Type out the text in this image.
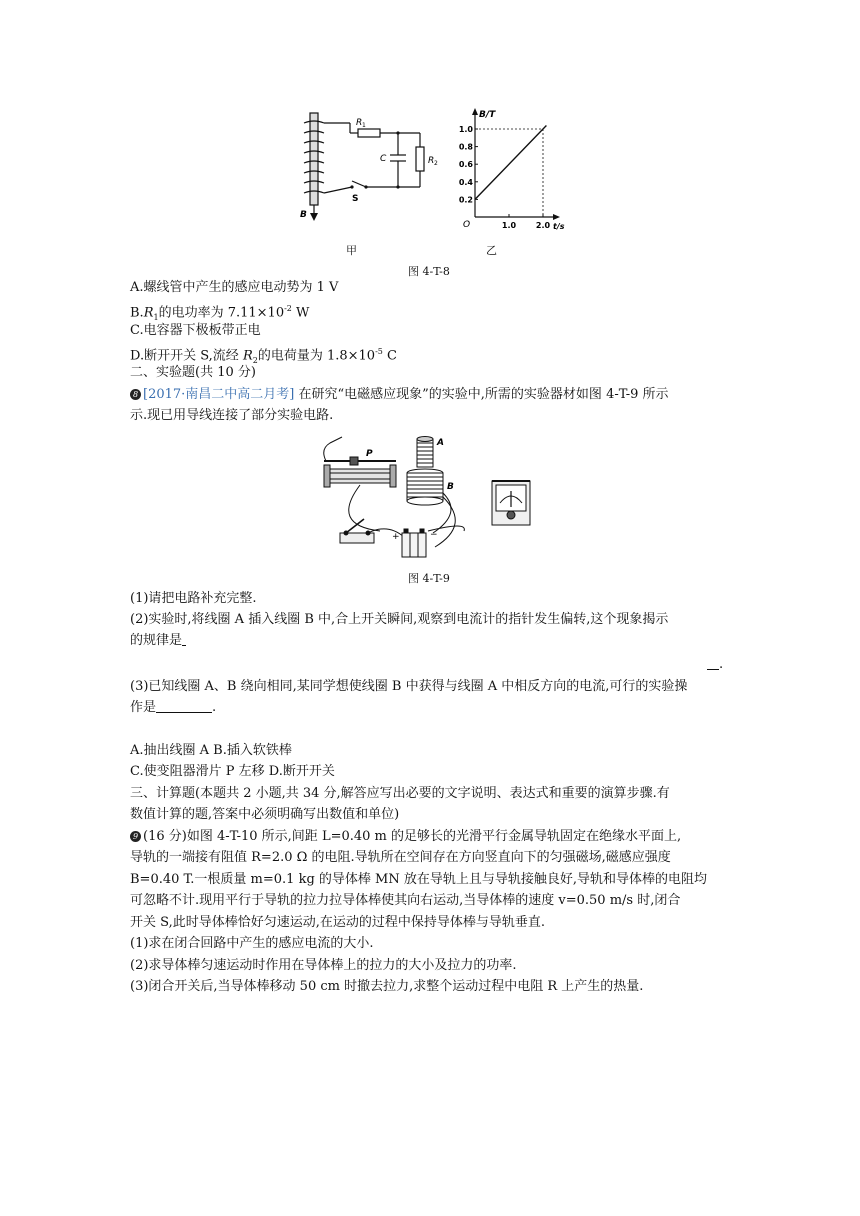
R 1
C	R 2
S
B
1.0
0.8
0.6
0.4
0.2
1.0 2.0
B/T
t/s
O
甲	乙
图 4-T-8
A.螺线管中产生的感应电动势为 1 V
$B.R_1$的电功率为 $7.11\times 10^{-2}$ W
C.电容器下极板带正电
D.断开开关 S,流经 $R_2$的电荷量为 $1.8\times 10^{-5}$ C
二、实验题(共 10 分)
8 [2017·南昌二中高二月考] 在研究“电磁感应现象”的实验中,所需的实验器材如图 4-T-9 所示
示.现已用导线连接了部分实验电路.
A
B
P
+	−
图 4-T-9
(1)请把电路补充完整.
(2)实验时,将线圈 A 插入线圈 B 中,合上开关瞬间,观察到电流计的指针发生偏转,这个现象揭示
的规律是
.
(3)已知线圈 A、B 绕向相同,某同学想使线圈 B 中获得与线圈 A 中相反方向的电流,可行的实验操
作是	.
A.抽出线圈 A B.插入软铁棒
C.使变阻器滑片 P 左移 D.断开开关
三、计算题(本题共 2 小题,共 34 分,解答应写出必要的文字说明、表达式和重要的演算步骤.有
数值计算的题,答案中必须明确写出数值和单位)
9 (16 分)如图 4-T-10 所示,间距 L=0.40 m 的足够长的光滑平行金属导轨固定在绝缘水平面上,
导轨的一端接有阻值 R=2.0 Ω 的电阻.导轨所在空间存在方向竖直向下的匀强磁场,磁感应强度
B=0.40 T.一根质量 m=0.1 kg 的导体棒 MN 放在导轨上且与导轨接触良好,导轨和导体棒的电阻均
可忽略不计.现用平行于导轨的拉力拉导体棒使其向右运动,当导体棒的速度 v=0.50 m/s 时,闭合
开关 S,此时导体棒恰好匀速运动,在运动的过程中保持导体棒与导轨垂直.
(1)求在闭合回路中产生的感应电流的大小.
(2)求导体棒匀速运动时作用在导体棒上的拉力的大小及拉力的功率.
(3)闭合开关后,当导体棒移动 50 cm 时撤去拉力,求整个运动过程中电阻 R 上产生的热量.
